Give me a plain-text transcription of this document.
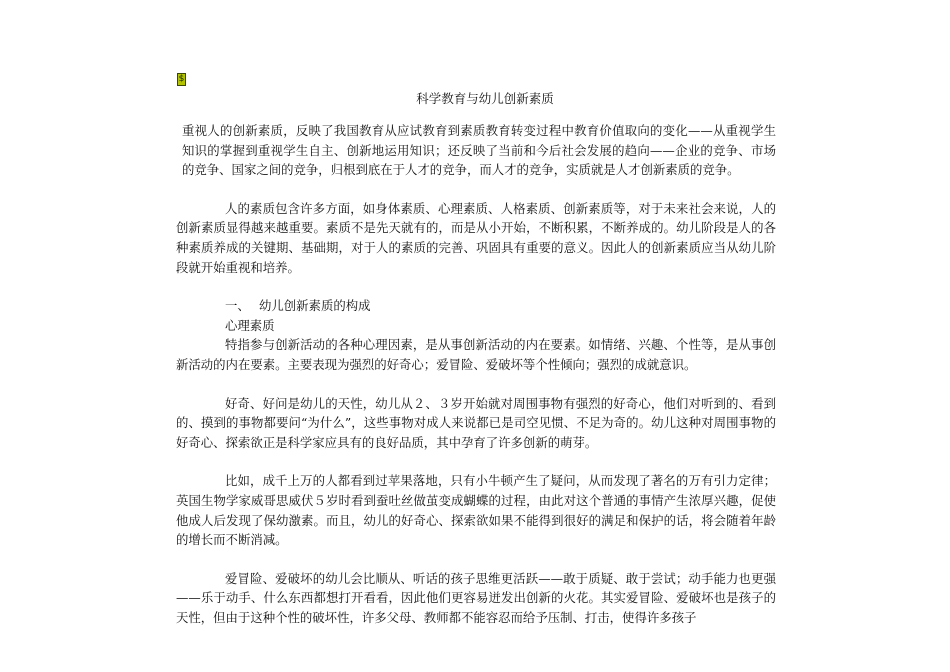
$
科学教育与幼儿创新素质

重视人的创新素质，反映了我国教育从应试教育到素质教育转变过程中教育价值取向的变化——从重视学生知识的掌握到重视学生自主、创新地运用知识；还反映了当前和今后社会发展的趋向——企业的竞争、市场的竞争、国家之间的竞争，归根到底在于人才的竞争，而人才的竞争，实质就是人才创新素质的竞争。

人的素质包含许多方面，如身体素质、心理素质、人格素质、创新素质等，对于未来社会来说，人的创新素质显得越来越重要。素质不是先天就有的，而是从小开始，不断积累，不断养成的。幼儿阶段是人的各种素质养成的关键期、基础期，对于人的素质的完善、巩固具有重要的意义。因此人的创新素质应当从幼儿阶段就开始重视和培养。

一、 幼儿创新素质的构成

心理素质

特指参与创新活动的各种心理因素，是从事创新活动的内在要素。如情绪、兴趣、个性等，是从事创新活动的内在要素。主要表现为强烈的好奇心；爱冒险、爱破坏等个性倾向；强烈的成就意识。

好奇、好问是幼儿的天性，幼儿从２、３岁开始就对周围事物有强烈的好奇心，他们对听到的、看到的、摸到的事物都要问“为什么”，这些事物对成人来说都已是司空见惯、不足为奇的。幼儿这种对周围事物的好奇心、探索欲正是科学家应具有的良好品质，其中孕育了许多创新的萌芽。

比如，成千上万的人都看到过苹果落地，只有小牛顿产生了疑问，从而发现了著名的万有引力定律；英国生物学家威哥思威伏５岁时看到蚕吐丝做茧变成蝴蝶的过程，由此对这个普通的事情产生浓厚兴趣，促使他成人后发现了保幼激素。而且，幼儿的好奇心、探索欲如果不能得到很好的满足和保护的话，将会随着年龄的增长而不断消减。

爱冒险、爱破坏的幼儿会比顺从、听话的孩子思维更活跃——敢于质疑、敢于尝试；动手能力也更强——乐于动手、什么东西都想打开看看，因此他们更容易迸发出创新的火花。其实爱冒险、爱破坏也是孩子的天性，但由于这种个性的破坏性，许多父母、教师都不能容忍而给予压制、打击，使得许多孩子
